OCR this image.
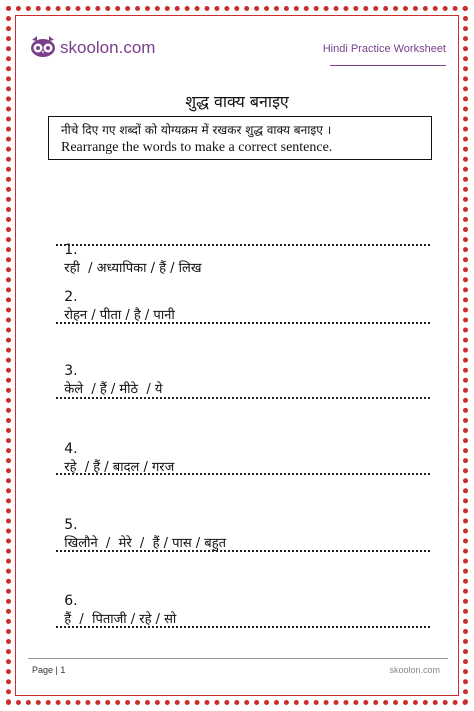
skoolon.com	Hindi Practice Worksheet
शुद्ध वाक्य बनाइए
नीचे दिए गए शब्दों को योग्यक्रम में रखकर शुद्ध वाक्य बनाइए ।
Rearrange the words to make a correct sentence.

1.
रही  / अध्यापिका / हैं / लिख

2.
रोहन / पीता / है / पानी

3.
केले  / हैं / मीठे  / ये

4.
रहे  / हैं / बादल / गरज

5.
खिलौने  /  मेरे  /  हैं / पास / बहुत

6.
हैं  /  पिताजी / रहे / सो

Page | 1	skoolon.com
